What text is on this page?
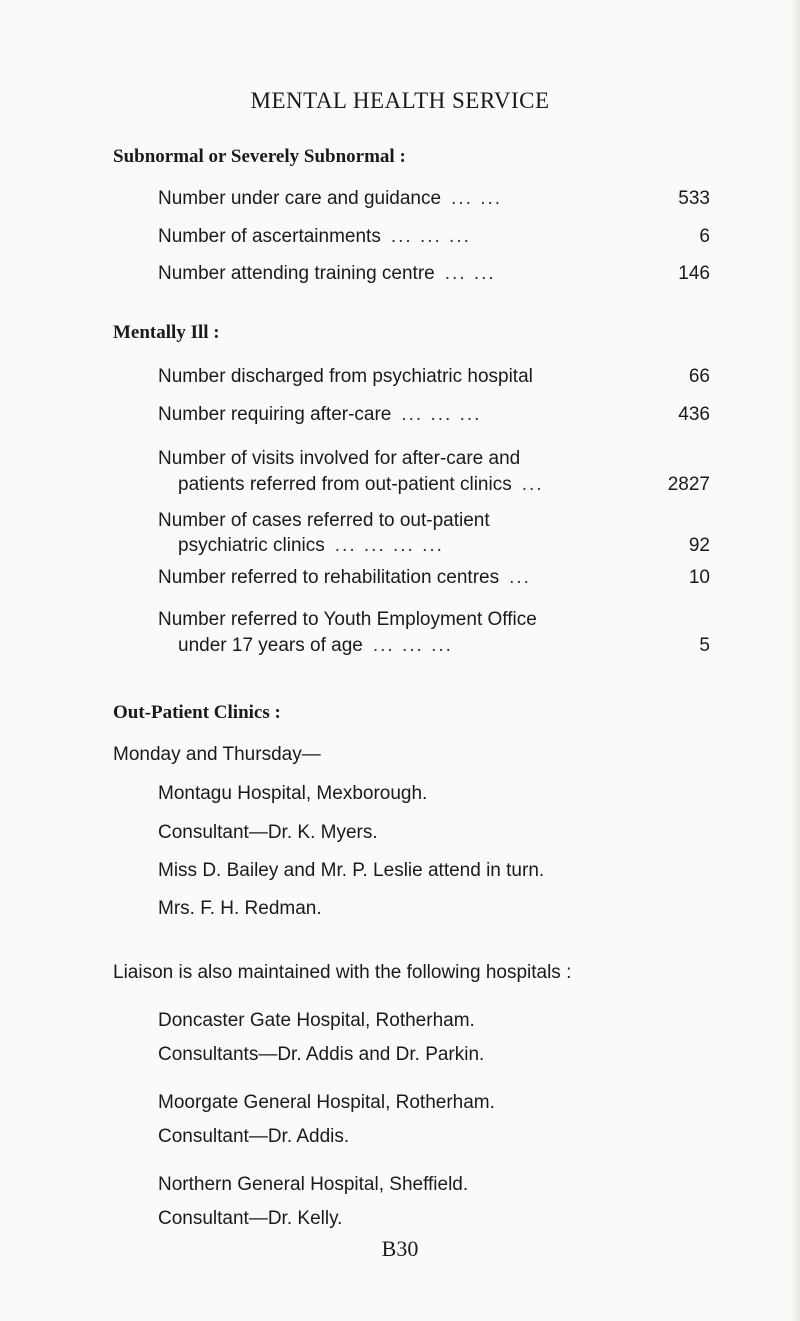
MENTAL HEALTH SERVICE
Subnormal or Severely Subnormal :
Number under care and guidance ... ...	533
Number of ascertainments ... ... ...	6
Number attending training centre ... ...	146
Mentally Ill :
Number discharged from psychiatric hospital	66
Number requiring after-care ... ... ...	436
Number of visits involved for after-care and
patients referred from out-patient clinics ...	2827
Number of cases referred to out-patient
psychiatric clinics ... ... ... ...	92
Number referred to rehabilitation centres ...	10
Number referred to Youth Employment Office
under 17 years of age ... ... ...	5
Out-Patient Clinics :
Monday and Thursday—
Montagu Hospital, Mexborough.
Consultant—Dr. K. Myers.
Miss D. Bailey and Mr. P. Leslie attend in turn.
Mrs. F. H. Redman.
Liaison is also maintained with the following hospitals :
Doncaster Gate Hospital, Rotherham.
Consultants—Dr. Addis and Dr. Parkin.
Moorgate General Hospital, Rotherham.
Consultant—Dr. Addis.
Northern General Hospital, Sheffield.
Consultant—Dr. Kelly.
B30
